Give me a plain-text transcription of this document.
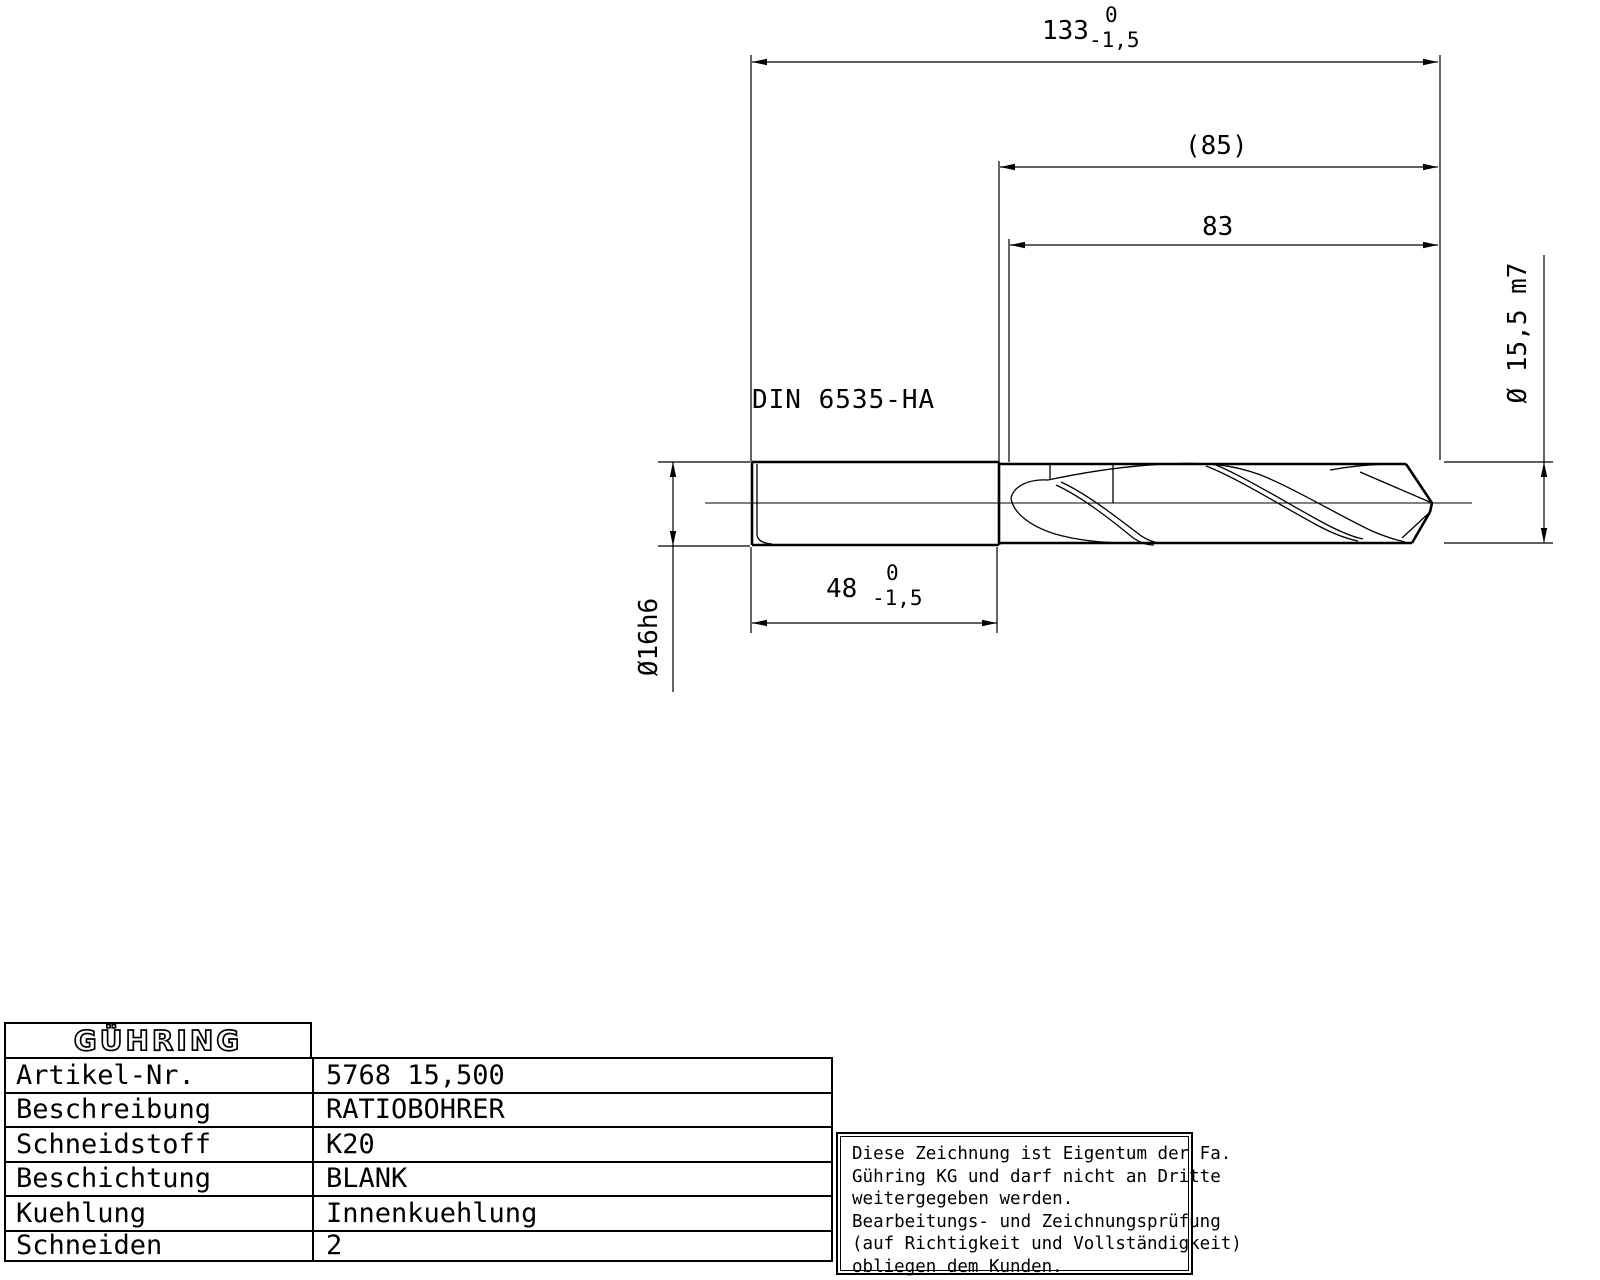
133
0
-1,5
(85)
83
Ø 15,5 m7
DIN 6535-HA
48
0
-1,5
Ø16h6
GÜHRING
Artikel-Nr.	5768 15,500
Beschreibung	RATIOBOHRER
Schneidstoff	K20
Beschichtung	BLANK
Kuehlung	Innenkuehlung
Schneiden	2
Diese Zeichnung ist Eigentum der Fa.
Gühring KG und darf nicht an Dritte
weitergegeben werden.
Bearbeitungs- und Zeichnungsprüfung
(auf Richtigkeit und Vollständigkeit)
obliegen dem Kunden.
